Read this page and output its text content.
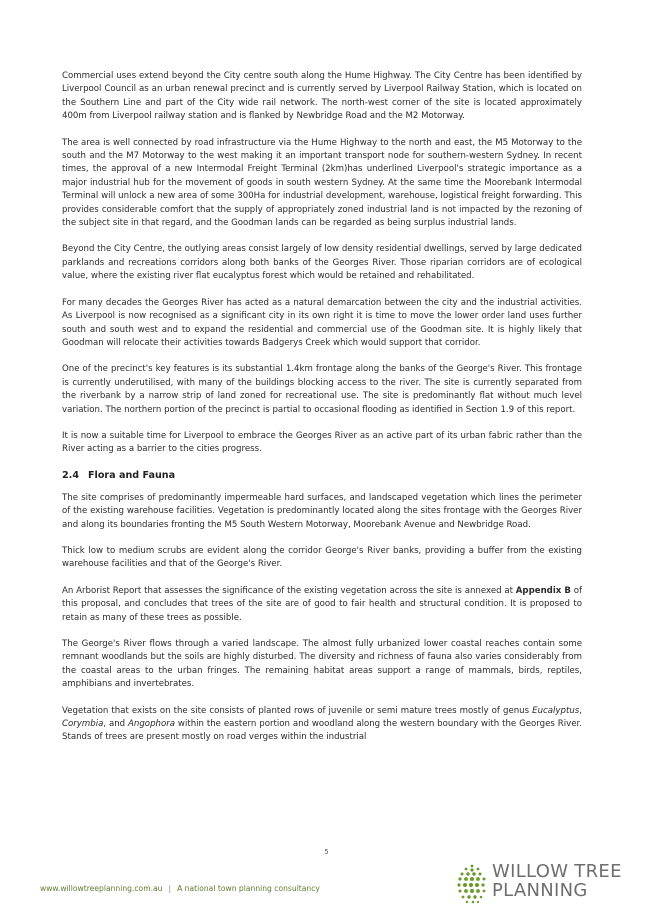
Commercial uses extend beyond the City centre south along the Hume Highway. The City Centre has been identified by Liverpool Council as an urban renewal precinct and is currently served by Liverpool Railway Station, which is located on the Southern Line and part of the City wide rail network. The north-west corner of the site is located approximately 400m from Liverpool railway station and is flanked by Newbridge Road and the M2 Motorway.

The area is well connected by road infrastructure via the Hume Highway to the north and east, the M5 Motorway to the south and the M7 Motorway to the west making it an important transport node for southern-western Sydney. In recent times, the approval of a new Intermodal Freight Terminal (2km)has underlined Liverpool's strategic importance as a major industrial hub for the movement of goods in south western Sydney. At the same time the Moorebank Intermodal Terminal will unlock a new area of some 300Ha for industrial development, warehouse, logistical freight forwarding. This provides considerable comfort that the supply of appropriately zoned industrial land is not impacted by the rezoning of the subject site in that regard, and the Goodman lands can be regarded as being surplus industrial lands.

Beyond the City Centre, the outlying areas consist largely of low density residential dwellings, served by large dedicated parklands and recreations corridors along both banks of the Georges River. Those riparian corridors are of ecological value, where the existing river flat eucalyptus forest which would be retained and rehabilitated.

For many decades the Georges River has acted as a natural demarcation between the city and the industrial activities. As Liverpool is now recognised as a significant city in its own right it is time to move the lower order land uses further south and south west and to expand the residential and commercial use of the Goodman site. It is highly likely that Goodman will relocate their activities towards Badgerys Creek which would support that corridor.

One of the precinct's key features is its substantial 1.4km frontage along the banks of the George's River. This frontage is currently underutilised, with many of the buildings blocking access to the river. The site is currently separated from the riverbank by a narrow strip of land zoned for recreational use. The site is predominantly flat without much level variation. The northern portion of the precinct is partial to occasional flooding as identified in Section 1.9 of this report.

It is now a suitable time for Liverpool to embrace the Georges River as an active part of its urban fabric rather than the River acting as a barrier to the cities progress.

2.4 Flora and Fauna

The site comprises of predominantly impermeable hard surfaces, and landscaped vegetation which lines the perimeter of the existing warehouse facilities. Vegetation is predominantly located along the sites frontage with the Georges River and along its boundaries fronting the M5 South Western Motorway, Moorebank Avenue and Newbridge Road.

Thick low to medium scrubs are evident along the corridor George's River banks, providing a buffer from the existing warehouse facilities and that of the George's River.

An Arborist Report that assesses the significance of the existing vegetation across the site is annexed at Appendix B of this proposal, and concludes that trees of the site are of good to fair health and structural condition. It is proposed to retain as many of these trees as possible.

The George's River flows through a varied landscape. The almost fully urbanized lower coastal reaches contain some remnant woodlands but the soils are highly disturbed. The diversity and richness of fauna also varies considerably from the coastal areas to the urban fringes. The remaining habitat areas support a range of mammals, birds, reptiles, amphibians and invertebrates.

Vegetation that exists on the site consists of planted rows of juvenile or semi mature trees mostly of genus Eucalyptus, Corymbia, and Angophora within the eastern portion and woodland along the western boundary with the Georges River. Stands of trees are present mostly on road verges within the industrial

5
www.willowtreeplanning.com.au | A national town planning consultancy
WILLOW TREE
PLANNING
